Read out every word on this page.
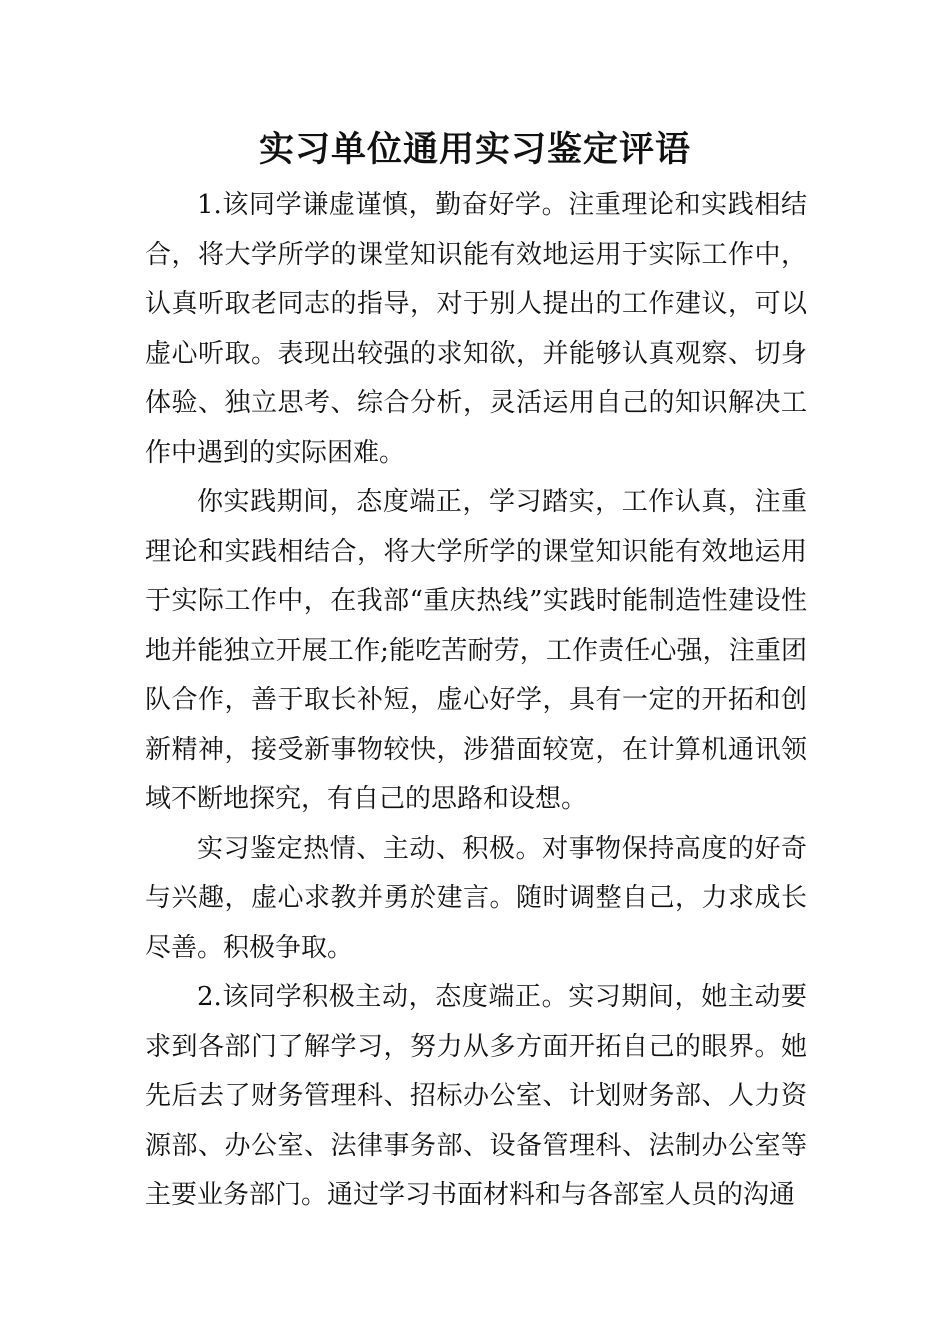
实习单位通用实习鉴定评语

1.该同学谦虚谨慎，勤奋好学。注重理论和实践相结合，将大学所学的课堂知识能有效地运用于实际工作中，认真听取老同志的指导，对于别人提出的工作建议，可以虚心听取。表现出较强的求知欲，并能够认真观察、切身体验、独立思考、综合分析，灵活运用自己的知识解决工作中遇到的实际困难。

你实践期间，态度端正，学习踏实，工作认真，注重理论和实践相结合，将大学所学的课堂知识能有效地运用于实际工作中，在我部“重庆热线”实践时能制造性建设性地并能独立开展工作;能吃苦耐劳，工作责任心强，注重团队合作，善于取长补短，虚心好学，具有一定的开拓和创新精神，接受新事物较快，涉猎面较宽，在计算机通讯领域不断地探究，有自己的思路和设想。

实习鉴定热情、主动、积极。对事物保持高度的好奇与兴趣，虚心求教并勇於建言。随时调整自己，力求成长尽善。积极争取。

2.该同学积极主动，态度端正。实习期间，她主动要求到各部门了解学习，努力从多方面开拓自己的眼界。她先后去了财务管理科、招标办公室、计划财务部、人力资源部、办公室、法律事务部、设备管理科、法制办公室等主要业务部门。通过学习书面材料和与各部室人员的沟通
